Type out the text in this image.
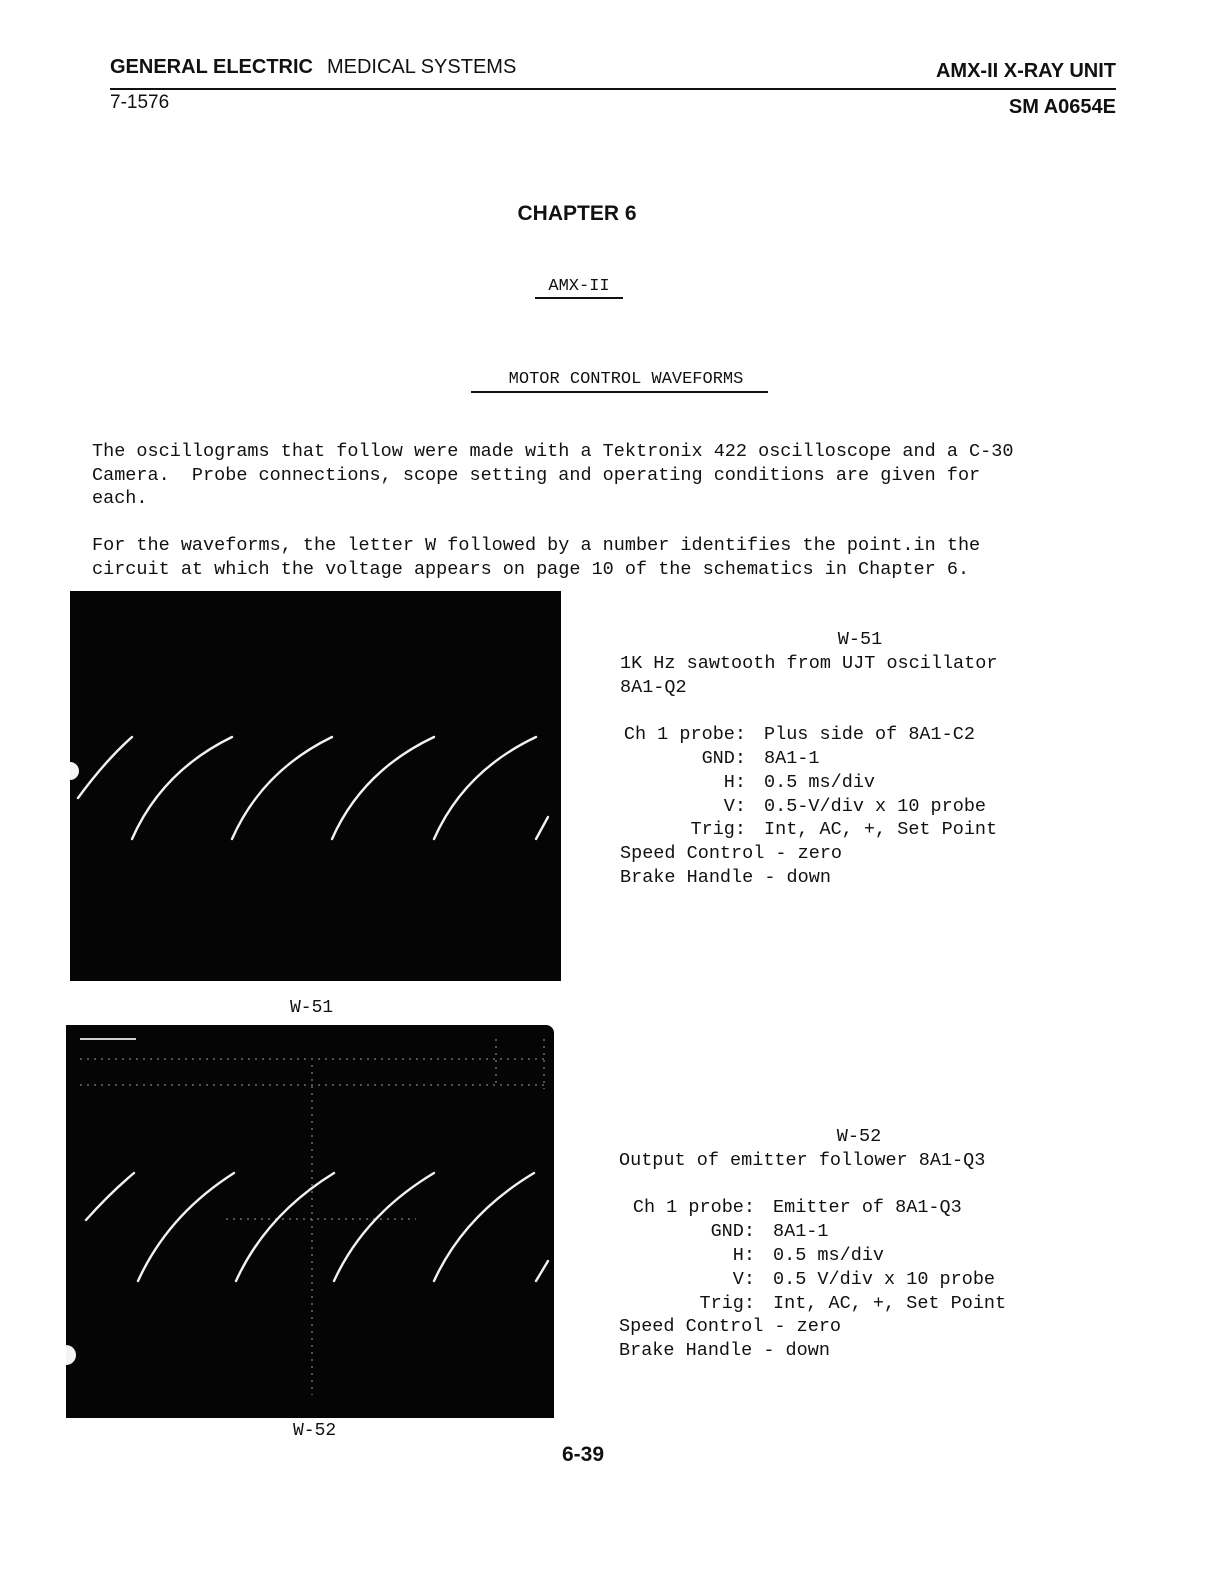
GENERAL ELECTRIC MEDICAL SYSTEMS	AMX-II X-RAY UNIT
7-1576	SM A0654E
CHAPTER 6
AMX-II
MOTOR CONTROL WAVEFORMS
The oscillograms that follow were made with a Tektronix 422 oscilloscope and a C-30
Camera.  Probe connections, scope setting and operating conditions are given for
each.
For the waveforms, the letter W followed by a number identifies the point.in the
circuit at which the voltage appears on page 10 of the schematics in Chapter 6.
W-51
W-51
1K Hz sawtooth from UJT oscillator
8A1-Q2
Ch 1 probe: Plus side of 8A1-C2
GND: 8A1-1
H: 0.5 ms/div
V: 0.5-V/div x 10 probe
Trig: Int, AC, +, Set Point
Speed Control - zero
Brake Handle - down
W-52
W-52
Output of emitter follower 8A1-Q3
Ch 1 probe: Emitter of 8A1-Q3
GND: 8A1-1
H: 0.5 ms/div
V: 0.5 V/div x 10 probe
Trig: Int, AC, +, Set Point
Speed Control - zero
Brake Handle - down
6-39
